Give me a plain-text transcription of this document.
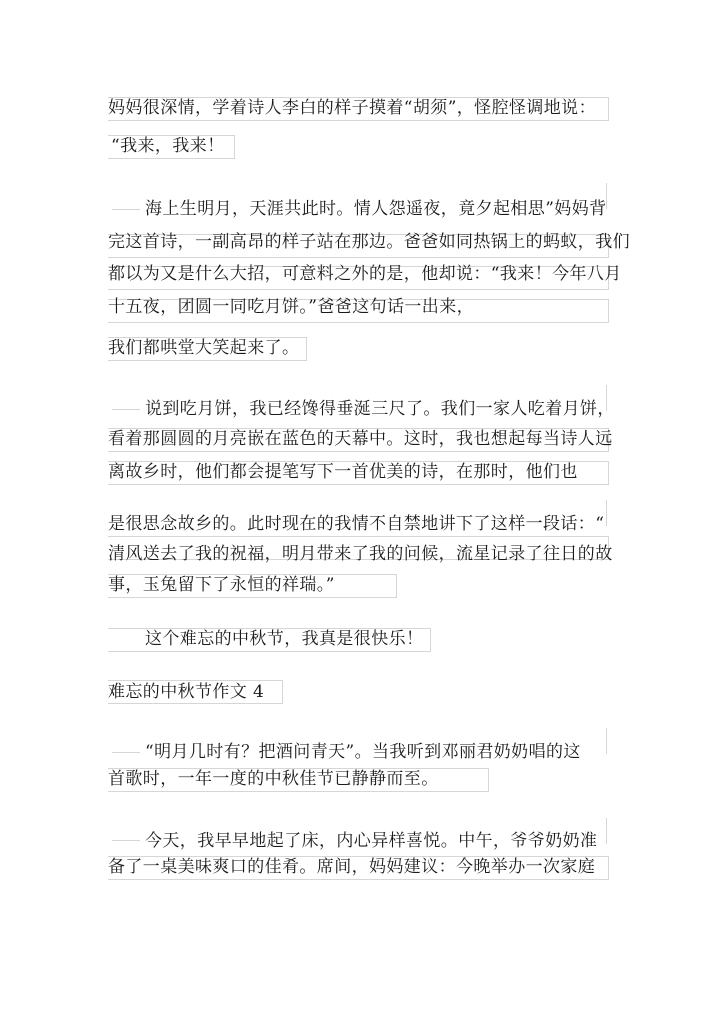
妈妈很深情，学着诗人李白的样子摸着“胡须”，怪腔怪调地说：
“我来，我来！
海上生明月，天涯共此时。情人怨遥夜，竟夕起相思”妈妈背
完这首诗，一副高昂的样子站在那边。爸爸如同热锅上的蚂蚁，我们
都以为又是什么大招，可意料之外的是，他却说：“我来！今年八月
十五夜，团圆一同吃月饼。”爸爸这句话一出来，
我们都哄堂大笑起来了。
说到吃月饼，我已经馋得垂涎三尺了。我们一家人吃着月饼，
看着那圆圆的月亮嵌在蓝色的天幕中。这时，我也想起每当诗人远
离故乡时，他们都会提笔写下一首优美的诗，在那时，他们也
是很思念故乡的。此时现在的我情不自禁地讲下了这样一段话：“
清风送去了我的祝福，明月带来了我的问候，流星记录了往日的故
事，玉兔留下了永恒的祥瑞。”
这个难忘的中秋节，我真是很快乐！
难忘的中秋节作文 4
“明月几时有？把酒问青天”。当我听到邓丽君奶奶唱的这
首歌时，一年一度的中秋佳节已静静而至。
今天，我早早地起了床，内心异样喜悦。中午，爷爷奶奶准
备了一桌美味爽口的佳肴。席间，妈妈建议：今晚举办一次家庭
